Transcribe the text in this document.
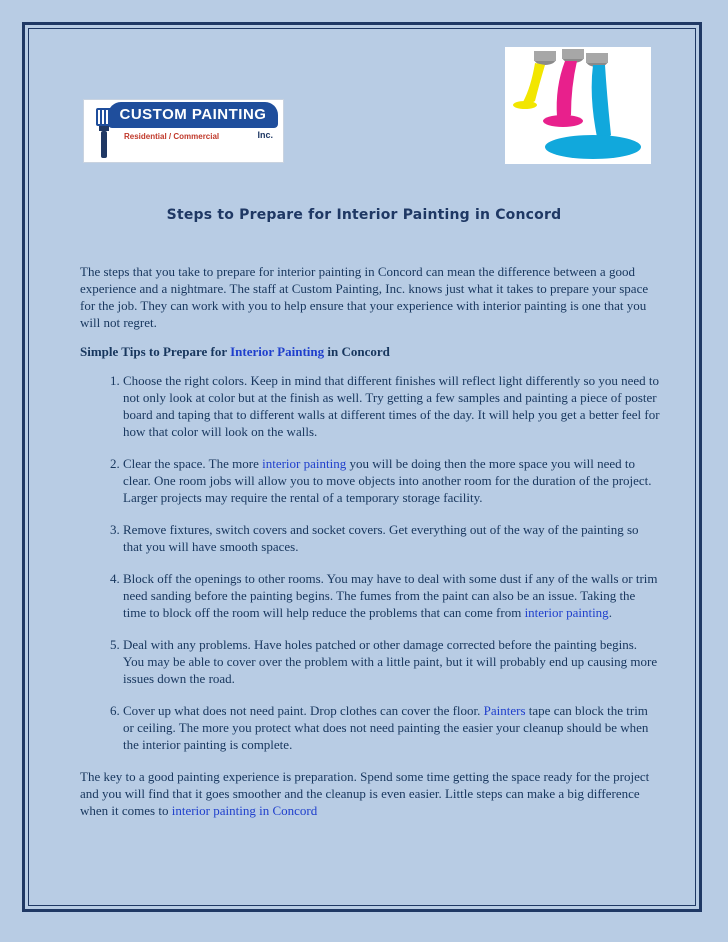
CUSTOM PAINTING
Inc.
Residential / Commercial
Steps to Prepare for Interior Painting in Concord

The steps that you take to prepare for interior painting in Concord can mean the difference between a good experience and a nightmare. The staff at Custom Painting, Inc. knows just what it takes to prepare your space for the job. They can work with you to help ensure that your experience with interior painting is one that you will not regret.

Simple Tips to Prepare for Interior Painting in Concord

1. Choose the right colors. Keep in mind that different finishes will reflect light differently so you need to not only look at color but at the finish as well. Try getting a few samples and painting a piece of poster board and taping that to different walls at different times of the day. It will help you get a better feel for how that color will look on the walls.
2. Clear the space. The more interior painting you will be doing then the more space you will need to clear. One room jobs will allow you to move objects into another room for the duration of the project. Larger projects may require the rental of a temporary storage facility.
3. Remove fixtures, switch covers and socket covers. Get everything out of the way of the painting so that you will have smooth spaces.
4. Block off the openings to other rooms. You may have to deal with some dust if any of the walls or trim need sanding before the painting begins. The fumes from the paint can also be an issue. Taking the time to block off the room will help reduce the problems that can come from interior painting.
5. Deal with any problems. Have holes patched or other damage corrected before the painting begins. You may be able to cover over the problem with a little paint, but it will probably end up causing more issues down the road.
6. Cover up what does not need paint. Drop clothes can cover the floor. Painters tape can block the trim or ceiling. The more you protect what does not need painting the easier your cleanup should be when the interior painting is complete.

The key to a good painting experience is preparation. Spend some time getting the space ready for the project and you will find that it goes smoother and the cleanup is even easier. Little steps can make a big difference when it comes to interior painting in Concord
